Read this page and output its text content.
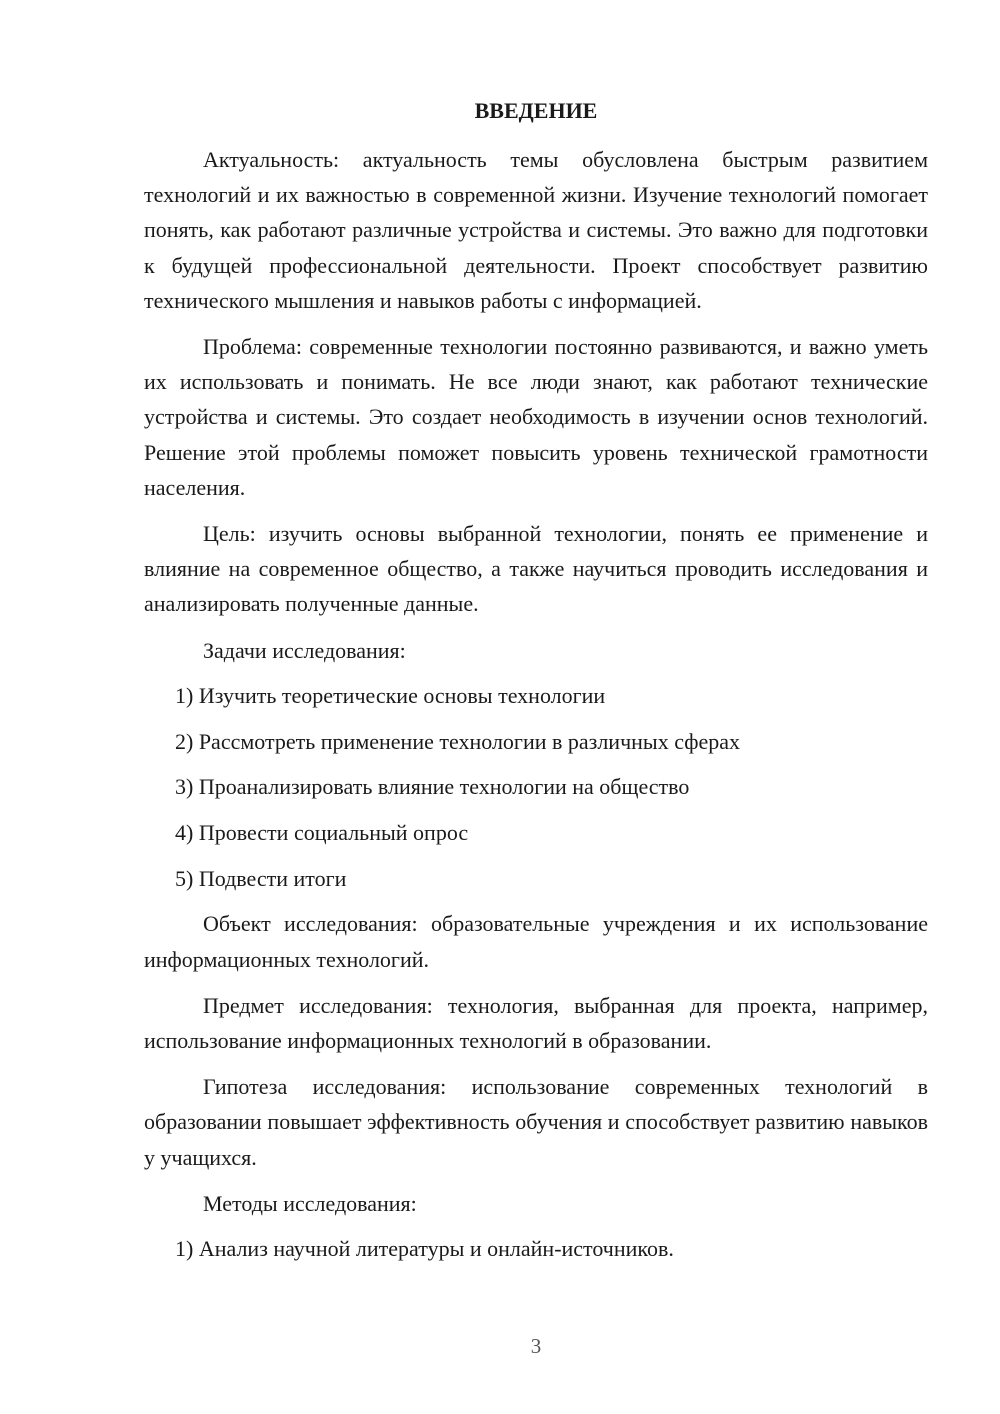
ВВЕДЕНИЕ

Актуальность: актуальность темы обусловлена быстрым развитием технологий и их важностью в современной жизни. Изучение технологий помогает понять, как работают различные устройства и системы. Это важно для подготовки к будущей профессиональной деятельности. Проект способствует развитию технического мышления и навыков работы с информацией.

Проблема: современные технологии постоянно развиваются, и важно уметь их использовать и понимать. Не все люди знают, как работают технические устройства и системы. Это создает необходимость в изучении основ технологий. Решение этой проблемы поможет повысить уровень технической грамотности населения.

Цель: изучить основы выбранной технологии, понять ее применение и влияние на современное общество, а также научиться проводить исследования и анализировать полученные данные.

Задачи исследования:
1) Изучить теоретические основы технологии
2) Рассмотреть применение технологии в различных сферах
3) Проанализировать влияние технологии на общество
4) Провести социальный опрос
5) Подвести итоги

Объект исследования: образовательные учреждения и их использование информационных технологий.

Предмет исследования: технология, выбранная для проекта, например, использование информационных технологий в образовании.

Гипотеза исследования: использование современных технологий в образовании повышает эффективность обучения и способствует развитию навыков у учащихся.

Методы исследования:
1) Анализ научной литературы и онлайн-источников.
3
